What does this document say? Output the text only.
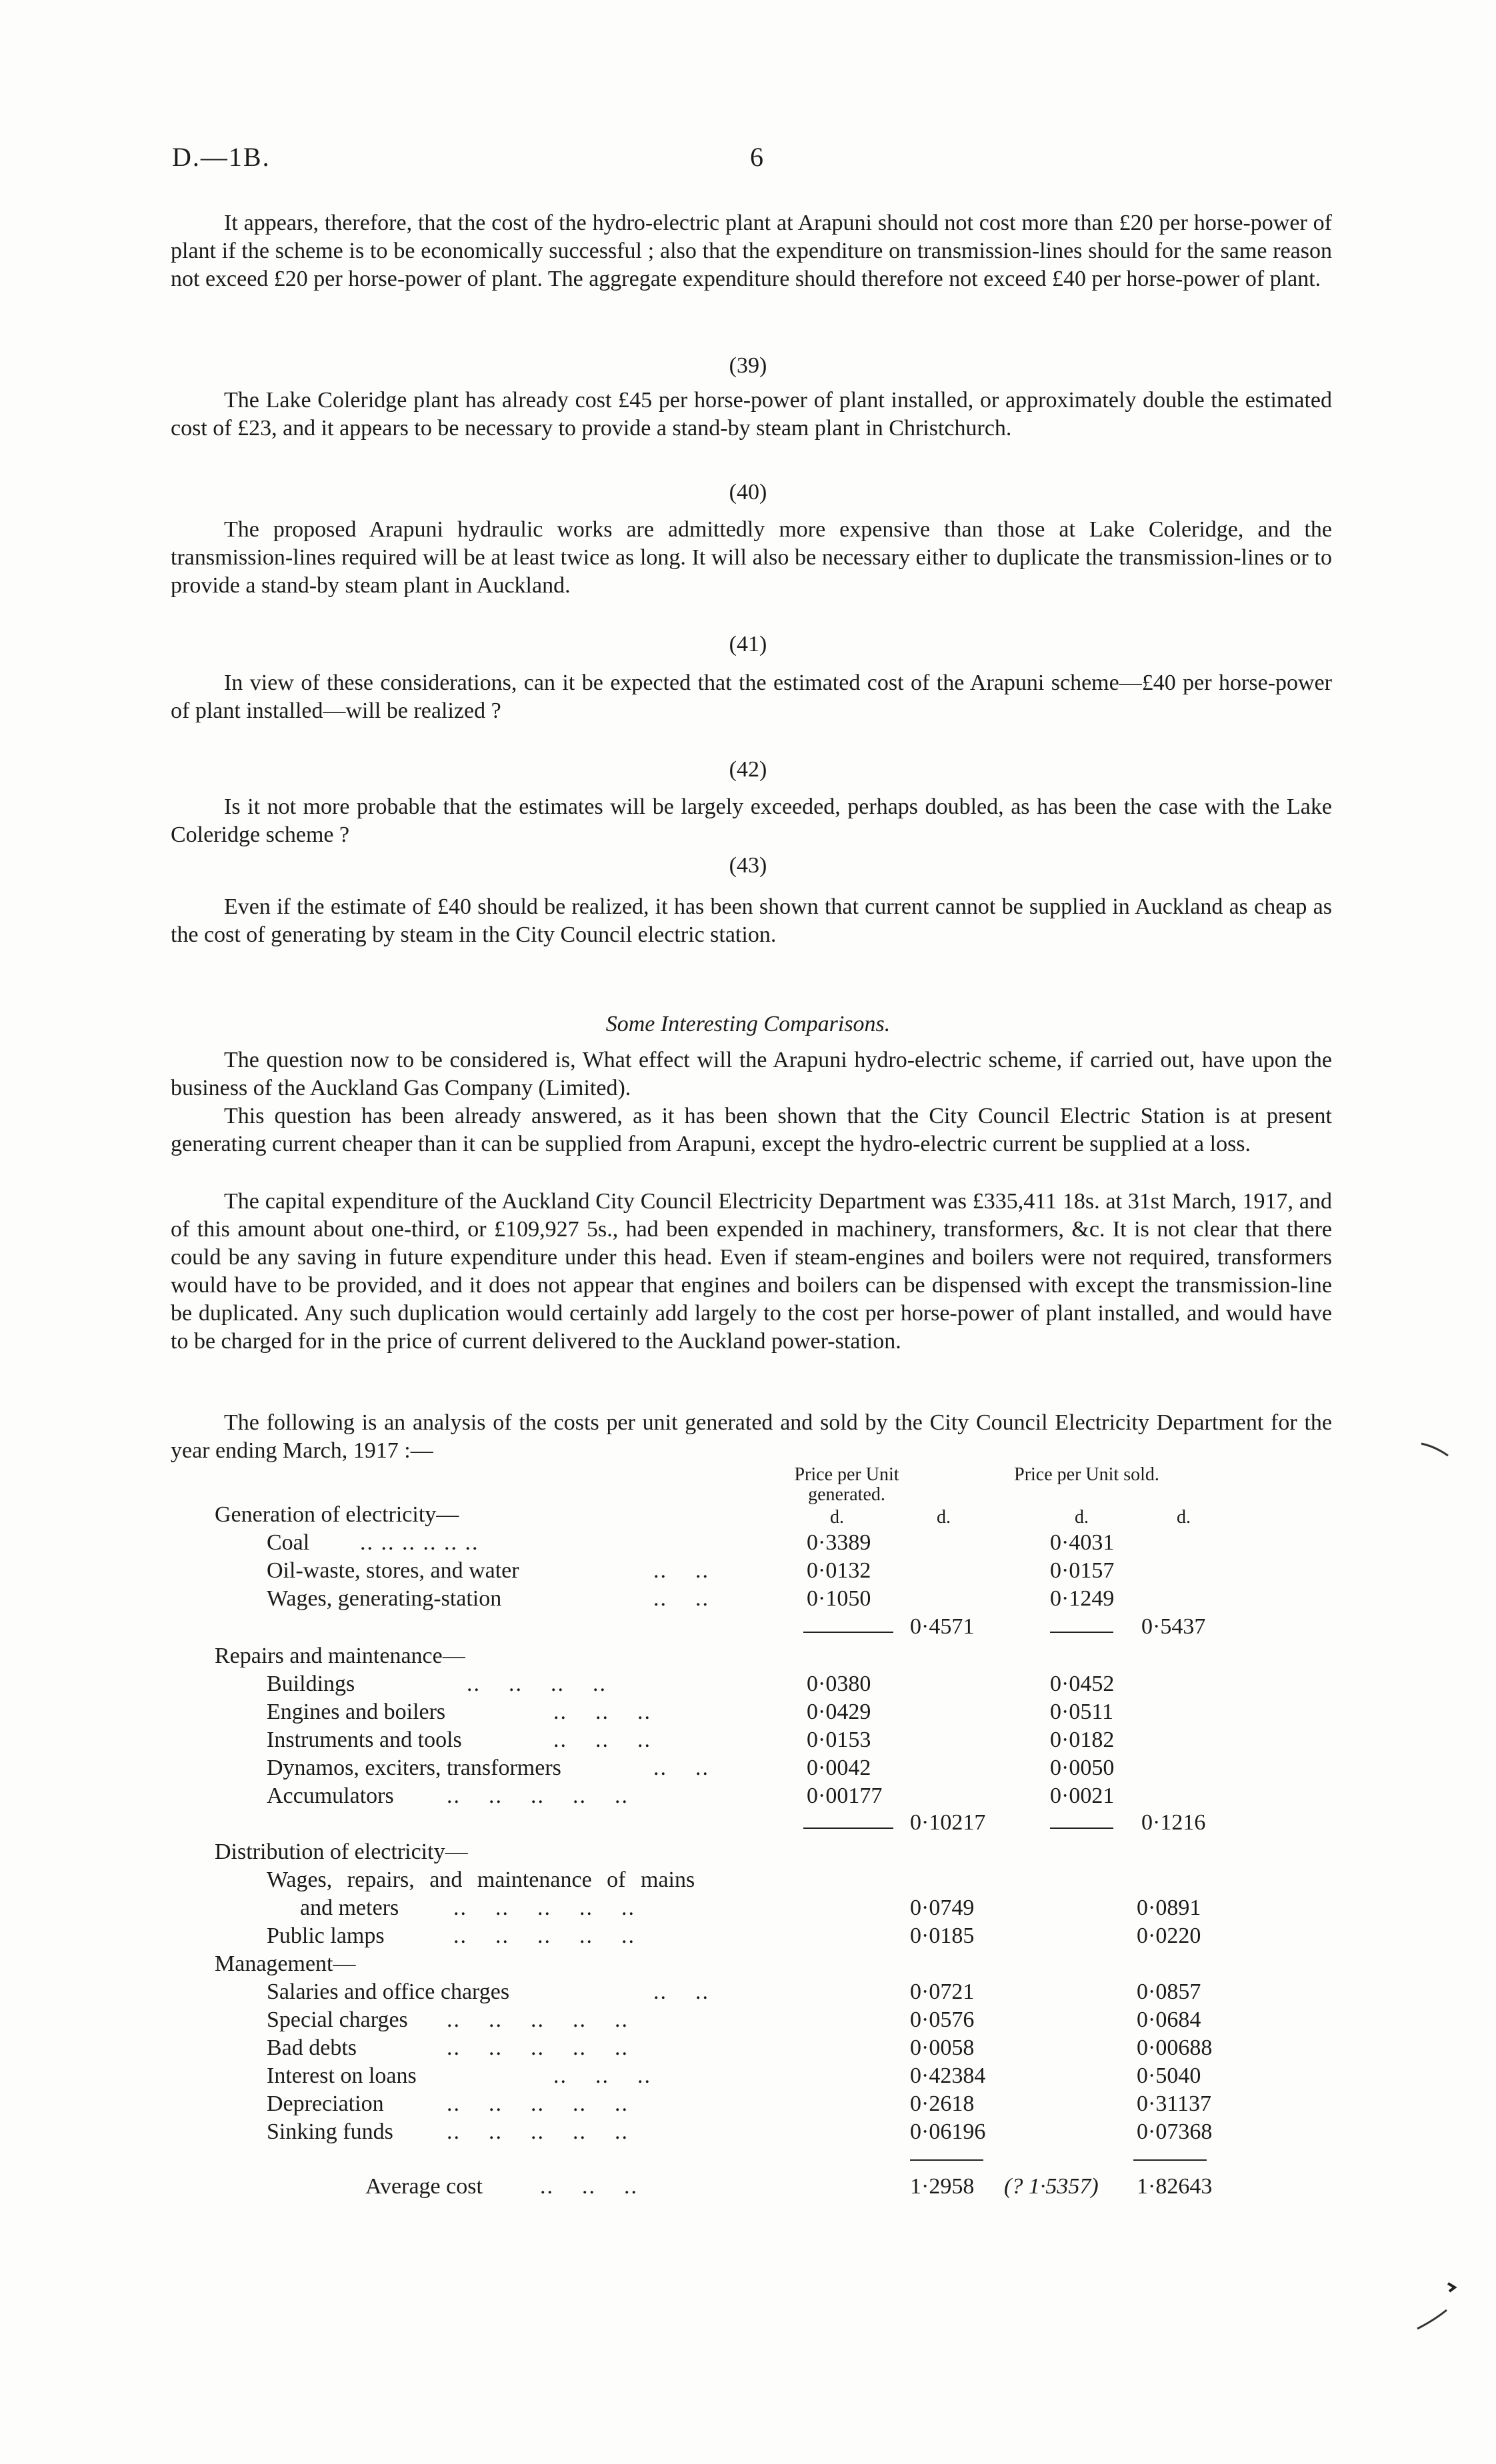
D.—1B.	6
It appears, therefore, that the cost of the hydro-electric plant at Arapuni should not cost more than £20 per horse-power of plant if the scheme is to be economically successful ; also that the expenditure on transmission-lines should for the same reason not exceed £20 per horse-power of plant. The aggregate expenditure should therefore not exceed £40 per horse-power of plant.
(39)
The Lake Coleridge plant has already cost £45 per horse-power of plant installed, or approximately double the estimated cost of £23, and it appears to be necessary to provide a stand-by steam plant in Christchurch.
(40)
The proposed Arapuni hydraulic works are admittedly more expensive than those at Lake Coleridge, and the transmission-lines required will be at least twice as long. It will also be necessary either to duplicate the transmission-lines or to provide a stand-by steam plant in Auckland.
(41)
In view of these considerations, can it be expected that the estimated cost of the Arapuni scheme—£40 per horse-power of plant installed—will be realized ?
(42)
Is it not more probable that the estimates will be largely exceeded, perhaps doubled, as has been the case with the Lake Coleridge scheme ?
(43)
Even if the estimate of £40 should be realized, it has been shown that current cannot be supplied in Auckland as cheap as the cost of generating by steam in the City Council electric station.
Some Interesting Comparisons.
The question now to be considered is, What effect will the Arapuni hydro-electric scheme, if carried out, have upon the business of the Auckland Gas Company (Limited).
This question has been already answered, as it has been shown that the City Council Electric Station is at present generating current cheaper than it can be supplied from Arapuni, except the hydro-electric current be supplied at a loss.
The capital expenditure of the Auckland City Council Electricity Department was £335,411 18s. at 31st March, 1917, and of this amount about one-third, or £109,927 5s., had been expended in machinery, transformers, &c. It is not clear that there could be any saving in future expenditure under this head. Even if steam-engines and boilers were not required, transformers would have to be provided, and it does not appear that engines and boilers can be dispensed with except the transmission-line be duplicated. Any such duplication would certainly add largely to the cost per horse-power of plant installed, and would have to be charged for in the price of current delivered to the Auckland power-station.
The following is an analysis of the costs per unit generated and sold by the City Council Electricity Department for the year ending March, 1917 :—
Price per Unit generated.
Price per Unit sold.
d.	d.	d.	d.
Generation of electricity—
Coal .. .. .. .. .. ..	0·3389	0·4031
Oil-waste, stores, and water	..    ..	0·0132	0·0157
Wages, generating-station	..    ..	0·1050	0·1249
0·4571	0·5437
Repairs and maintenance—
Buildings	..    ..    ..    ..	0·0380	0·0452
Engines and boilers	..    ..    ..	0·0429	0·0511
Instruments and tools	..    ..    ..	0·0153	0·0182
Dynamos, exciters, transformers	..    ..	0·0042	0·0050
Accumulators ..    ..    ..    ..    ..	0·00177	0·0021
0·10217	0·1216
Distribution of electricity—
Wages, repairs, and maintenance of mains
and meters ..    ..    ..    ..    ..	0·0749	0·0891
Public lamps	..    ..    ..    ..    ..	0·0185	0·0220
Management—
Salaries and office charges	..    ..	0·0721	0·0857
Special charges ..    ..    ..    ..    ..	0·0576	0·0684
Bad debts	..    ..    ..    ..    ..	0·0058	0·00688
Interest on loans	..    ..    ..	0·42384	0·5040
Depreciation	..    ..    ..    ..    ..	0·2618	0·31137
Sinking funds ..    ..    ..    ..    ..	0·06196	0·07368
Average cost	..    ..    ..	1·2958 (? 1·5357) 1·82643
